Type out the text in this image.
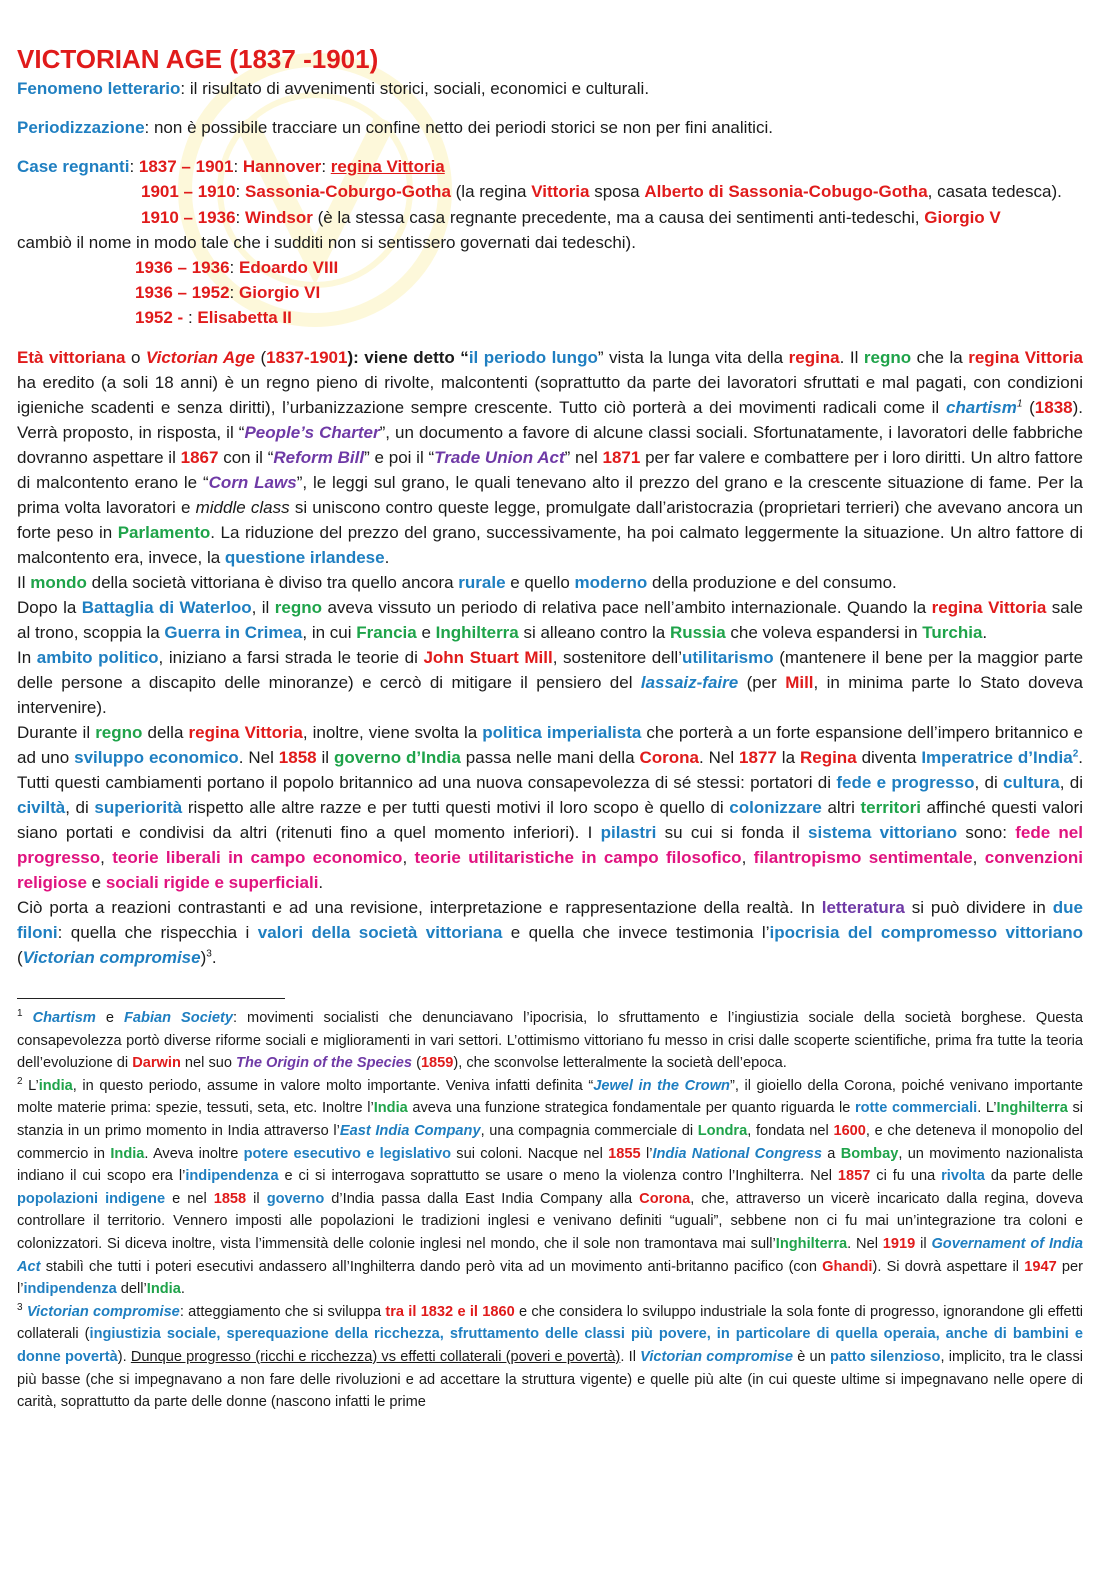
VICTORIAN AGE (1837 -1901)

Fenomeno letterario: il risultato di avvenimenti storici, sociali, economici e culturali.

Periodizzazione: non è possibile tracciare un confine netto dei periodi storici se non per fini analitici.

Case regnanti: 1837 – 1901: Hannover: regina Vittoria

1901 – 1910: Sassonia-Coburgo-Gotha (la regina Vittoria sposa Alberto di Sassonia-Cobugo-Gotha, casata tedesca).

1910 – 1936: Windsor (è la stessa casa regnante precedente, ma a causa dei sentimenti anti-tedeschi, Giorgio V

cambiò il nome in modo tale che i sudditi non si sentissero governati dai tedeschi).

1936 – 1936: Edoardo VIII

1936 – 1952: Giorgio VI

1952 - : Elisabetta II

Età vittoriana o Victorian Age (1837-1901): viene detto “il periodo lungo” vista la lunga vita della regina. Il regno che la regina Vittoria ha eredito (a soli 18 anni) è un regno pieno di rivolte, malcontenti (soprattutto da parte dei lavoratori sfruttati e mal pagati, con condizioni igieniche scadenti e senza diritti), l’urbanizzazione sempre crescente. Tutto ciò porterà a dei movimenti radicali come il chartism$^1$ (1838). Verrà proposto, in risposta, il “People’s Charter”, un documento a favore di alcune classi sociali. Sfortunatamente, i lavoratori delle fabbriche dovranno aspettare il 1867 con il “Reform Bill” e poi il “Trade Union Act” nel 1871 per far valere e combattere per i loro diritti. Un altro fattore di malcontento erano le “Corn Laws”, le leggi sul grano, le quali tenevano alto il prezzo del grano e la crescente situazione di fame. Per la prima volta lavoratori e middle class si uniscono contro queste legge, promulgate dall’aristocrazia (proprietari terrieri) che avevano ancora un forte peso in Parlamento. La riduzione del prezzo del grano, successivamente, ha poi calmato leggermente la situazione. Un altro fattore di malcontento era, invece, la questione irlandese.

Il mondo della società vittoriana è diviso tra quello ancora rurale e quello moderno della produzione e del consumo.

Dopo la Battaglia di Waterloo, il regno aveva vissuto un periodo di relativa pace nell’ambito internazionale. Quando la regina Vittoria sale al trono, scoppia la Guerra in Crimea, in cui Francia e Inghilterra si alleano contro la Russia che voleva espandersi in Turchia.

In ambito politico, iniziano a farsi strada le teorie di John Stuart Mill, sostenitore dell’utilitarismo (mantenere il bene per la maggior parte delle persone a discapito delle minoranze) e cercò di mitigare il pensiero del lassaiz-faire (per Mill, in minima parte lo Stato doveva intervenire).

Durante il regno della regina Vittoria, inoltre, viene svolta la politica imperialista che porterà a un forte espansione dell’impero britannico e ad uno sviluppo economico. Nel 1858 il governo d’India passa nelle mani della Corona. Nel 1877 la Regina diventa Imperatrice d’India$^2$. Tutti questi cambiamenti portano il popolo britannico ad una nuova consapevolezza di sé stessi: portatori di fede e progresso, di cultura, di civiltà, di superiorità rispetto alle altre razze e per tutti questi motivi il loro scopo è quello di colonizzare altri territori affinché questi valori siano portati e condivisi da altri (ritenuti fino a quel momento inferiori). I pilastri su cui si fonda il sistema vittoriano sono: fede nel progresso, teorie liberali in campo economico, teorie utilitaristiche in campo filosofico, filantropismo sentimentale, convenzioni religiose e sociali rigide e superficiali.

Ciò porta a reazioni contrastanti e ad una revisione, interpretazione e rappresentazione della realtà. In letteratura si può dividere in due filoni: quella che rispecchia i valori della società vittoriana e quella che invece testimonia l’ipocrisia del compromesso vittoriano (Victorian compromise)$^3$.

$^1$ Chartism e Fabian Society: movimenti socialisti che denunciavano l’ipocrisia, lo sfruttamento e l’ingiustizia sociale della società borghese. Questa consapevolezza portò diverse riforme sociali e miglioramenti in vari settori. L’ottimismo vittoriano fu messo in crisi dalle scoperte scientifiche, prima fra tutte la teoria dell’evoluzione di Darwin nel suo The Origin of the Species (1859), che sconvolse letteralmente la società dell’epoca.

$^2$ L’india, in questo periodo, assume in valore molto importante. Veniva infatti definita “Jewel in the Crown”, il gioiello della Corona, poiché venivano importante molte materie prima: spezie, tessuti, seta, etc. Inoltre l’India aveva una funzione strategica fondamentale per quanto riguarda le rotte commerciali. L’Inghilterra si stanzia in un primo momento in India attraverso l’East India Company, una compagnia commerciale di Londra, fondata nel 1600, e che deteneva il monopolio del commercio in India. Aveva inoltre potere esecutivo e legislativo sui coloni. Nacque nel 1855 l’India National Congress a Bombay, un movimento nazionalista indiano il cui scopo era l’indipendenza e ci si interrogava soprattutto se usare o meno la violenza contro l’Inghilterra. Nel 1857 ci fu una rivolta da parte delle popolazioni indigene e nel 1858 il governo d’India passa dalla East India Company alla Corona, che, attraverso un vicerè incaricato dalla regina, doveva controllare il territorio. Vennero imposti alle popolazioni le tradizioni inglesi e venivano definiti “uguali”, sebbene non ci fu mai un’integrazione tra coloni e colonizzatori. Si diceva inoltre, vista l’immensità delle colonie inglesi nel mondo, che il sole non tramontava mai sull’Inghilterra. Nel 1919 il Governament of India Act stabilì che tutti i poteri esecutivi andassero all’Inghilterra dando però vita ad un movimento anti-britanno pacifico (con Ghandi). Si dovrà aspettare il 1947 per l’indipendenza dell’India.

$^3$ Victorian compromise: atteggiamento che si sviluppa tra il 1832 e il 1860 e che considera lo sviluppo industriale la sola fonte di progresso, ignorandone gli effetti collaterali (ingiustizia sociale, sperequazione della ricchezza, sfruttamento delle classi più povere, in particolare di quella operaia, anche di bambini e donne povertà). Dunque progresso (ricchi e ricchezza) vs effetti collaterali (poveri e povertà). Il Victorian compromise è un patto silenzioso, implicito, tra le classi più basse (che si impegnavano a non fare delle rivoluzioni e ad accettare la struttura vigente) e quelle più alte (in cui queste ultime si impegnavano nelle opere di carità, soprattutto da parte delle donne (nascono infatti le prime
